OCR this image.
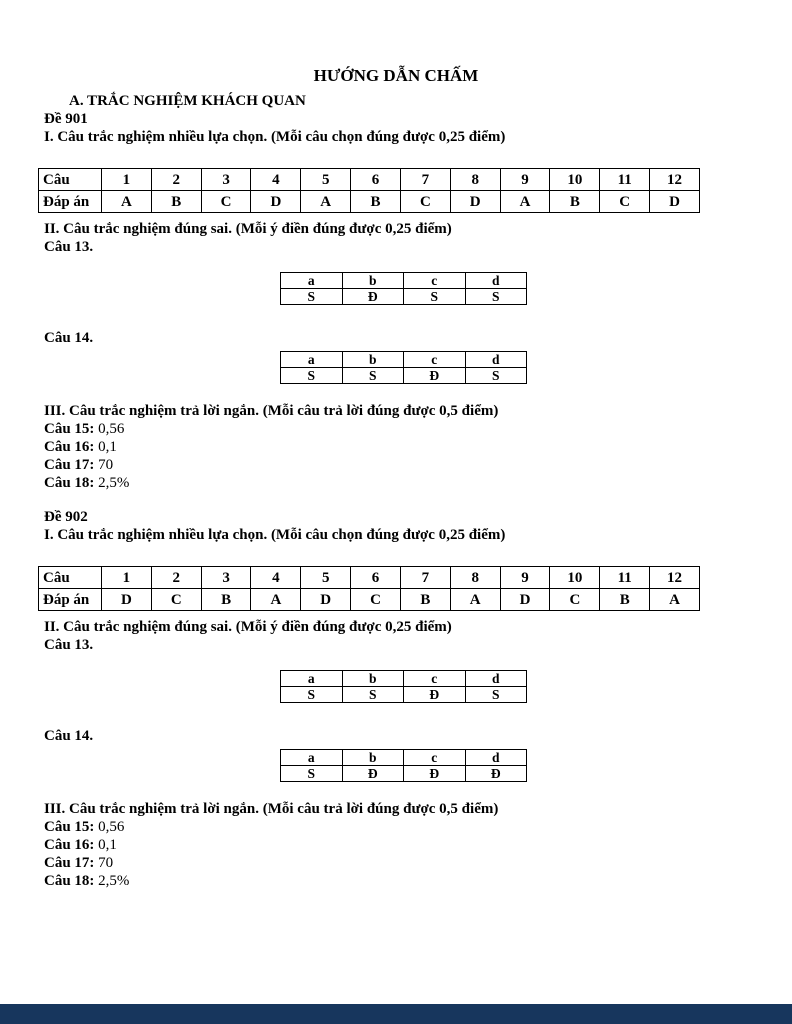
HƯỚNG DẪN CHẤM
A. TRẮC NGHIỆM KHÁCH QUAN
Đề 901
I. Câu trắc nghiệm nhiều lựa chọn. (Mỗi câu chọn đúng được 0,25 điểm)
Câu	1	2	3	4	5	6	7	8	9	10	11	12
Đáp án	A	B	C	D	A	B	C	D	A	B	C	D
II. Câu trắc nghiệm đúng sai. (Mỗi ý điền đúng được 0,25 điểm)
Câu 13.
a	b	c	d
S	Đ	S	S
Câu 14.
a	b	c	d
S	S	Đ	S
III. Câu trắc nghiệm trả lời ngắn. (Mỗi câu trả lời đúng được 0,5 điểm)
Câu 15: 0,56
Câu 16: 0,1
Câu 17: 70
Câu 18: 2,5%
Đề 902
I. Câu trắc nghiệm nhiều lựa chọn. (Mỗi câu chọn đúng được 0,25 điểm)
Câu	1	2	3	4	5	6	7	8	9	10	11	12
Đáp án	D	C	B	A	D	C	B	A	D	C	B	A
II. Câu trắc nghiệm đúng sai. (Mỗi ý điền đúng được 0,25 điểm)
Câu 13.
a	b	c	d
S	S	Đ	S
Câu 14.
a	b	c	d
S	Đ	Đ	Đ
III. Câu trắc nghiệm trả lời ngắn. (Mỗi câu trả lời đúng được 0,5 điểm)
Câu 15: 0,56
Câu 16: 0,1
Câu 17: 70
Câu 18: 2,5%
